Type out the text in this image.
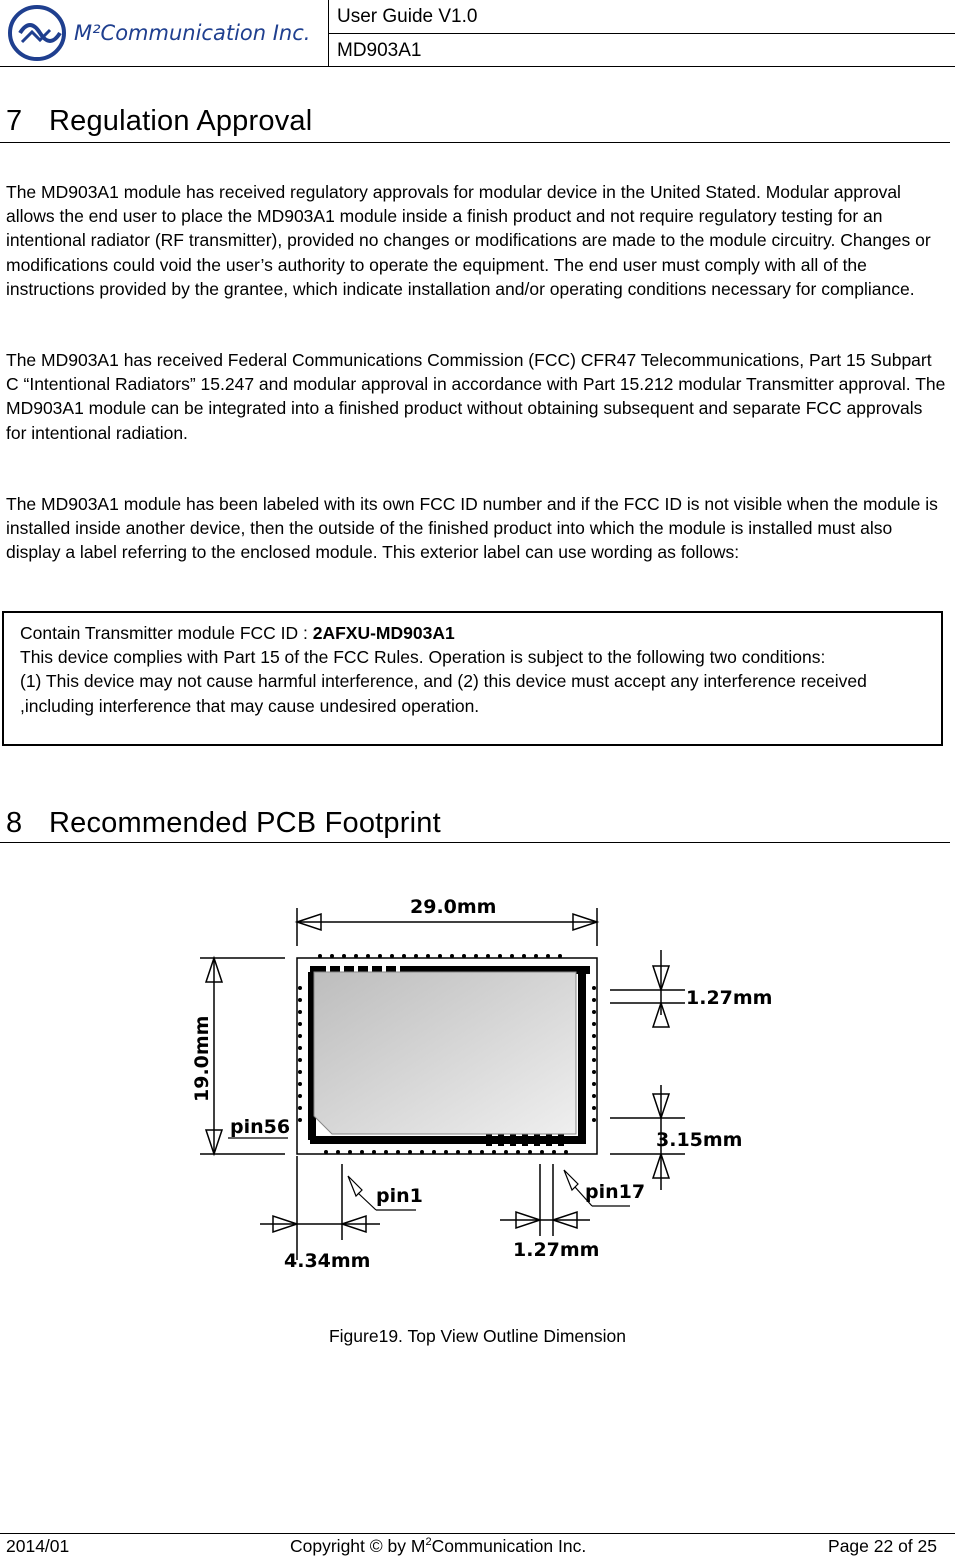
M²Communication Inc.
User Guide V1.0
MD903A1
7 Regulation Approval
The MD903A1 module has received regulatory approvals for modular device in the United Stated. Modular approval allows the end user to place the MD903A1 module inside a finish product and not require regulatory testing for an intentional radiator (RF transmitter), provided no changes or modifications are made to the module circuitry. Changes or modifications could void the user’s authority to operate the equipment. The end user must comply with all of the instructions provided by the grantee, which indicate installation and/or operating conditions necessary for compliance.
The MD903A1 has received Federal Communications Commission (FCC) CFR47 Telecommunications, Part 15 Subpart C “Intentional Radiators” 15.247 and modular approval in accordance with Part 15.212 modular Transmitter approval. The MD903A1 module can be integrated into a finished product without obtaining subsequent and separate FCC approvals for intentional radiation.
The MD903A1 module has been labeled with its own FCC ID number and if the FCC ID is not visible when the module is installed inside another device, then the outside of the finished product into which the module is installed must also display a label referring to the enclosed module. This exterior label can use wording as follows:
Contain Transmitter module FCC ID : 2AFXU-MD903A1
This device complies with Part 15 of the FCC Rules. Operation is subject to the following two conditions:
(1) This device may not cause harmful interference, and (2) this device must accept any interference received ,including interference that may cause undesired operation.
8 Recommended PCB Footprint
29.0mm
19.0mm
1.27mm
3.15mm
4.34mm	1.27mm
pin56
pin1	pin17
Figure19. Top View Outline Dimension
2014/01	Copyright © by $M^2Communication$ Inc.	Page 22 of 25
